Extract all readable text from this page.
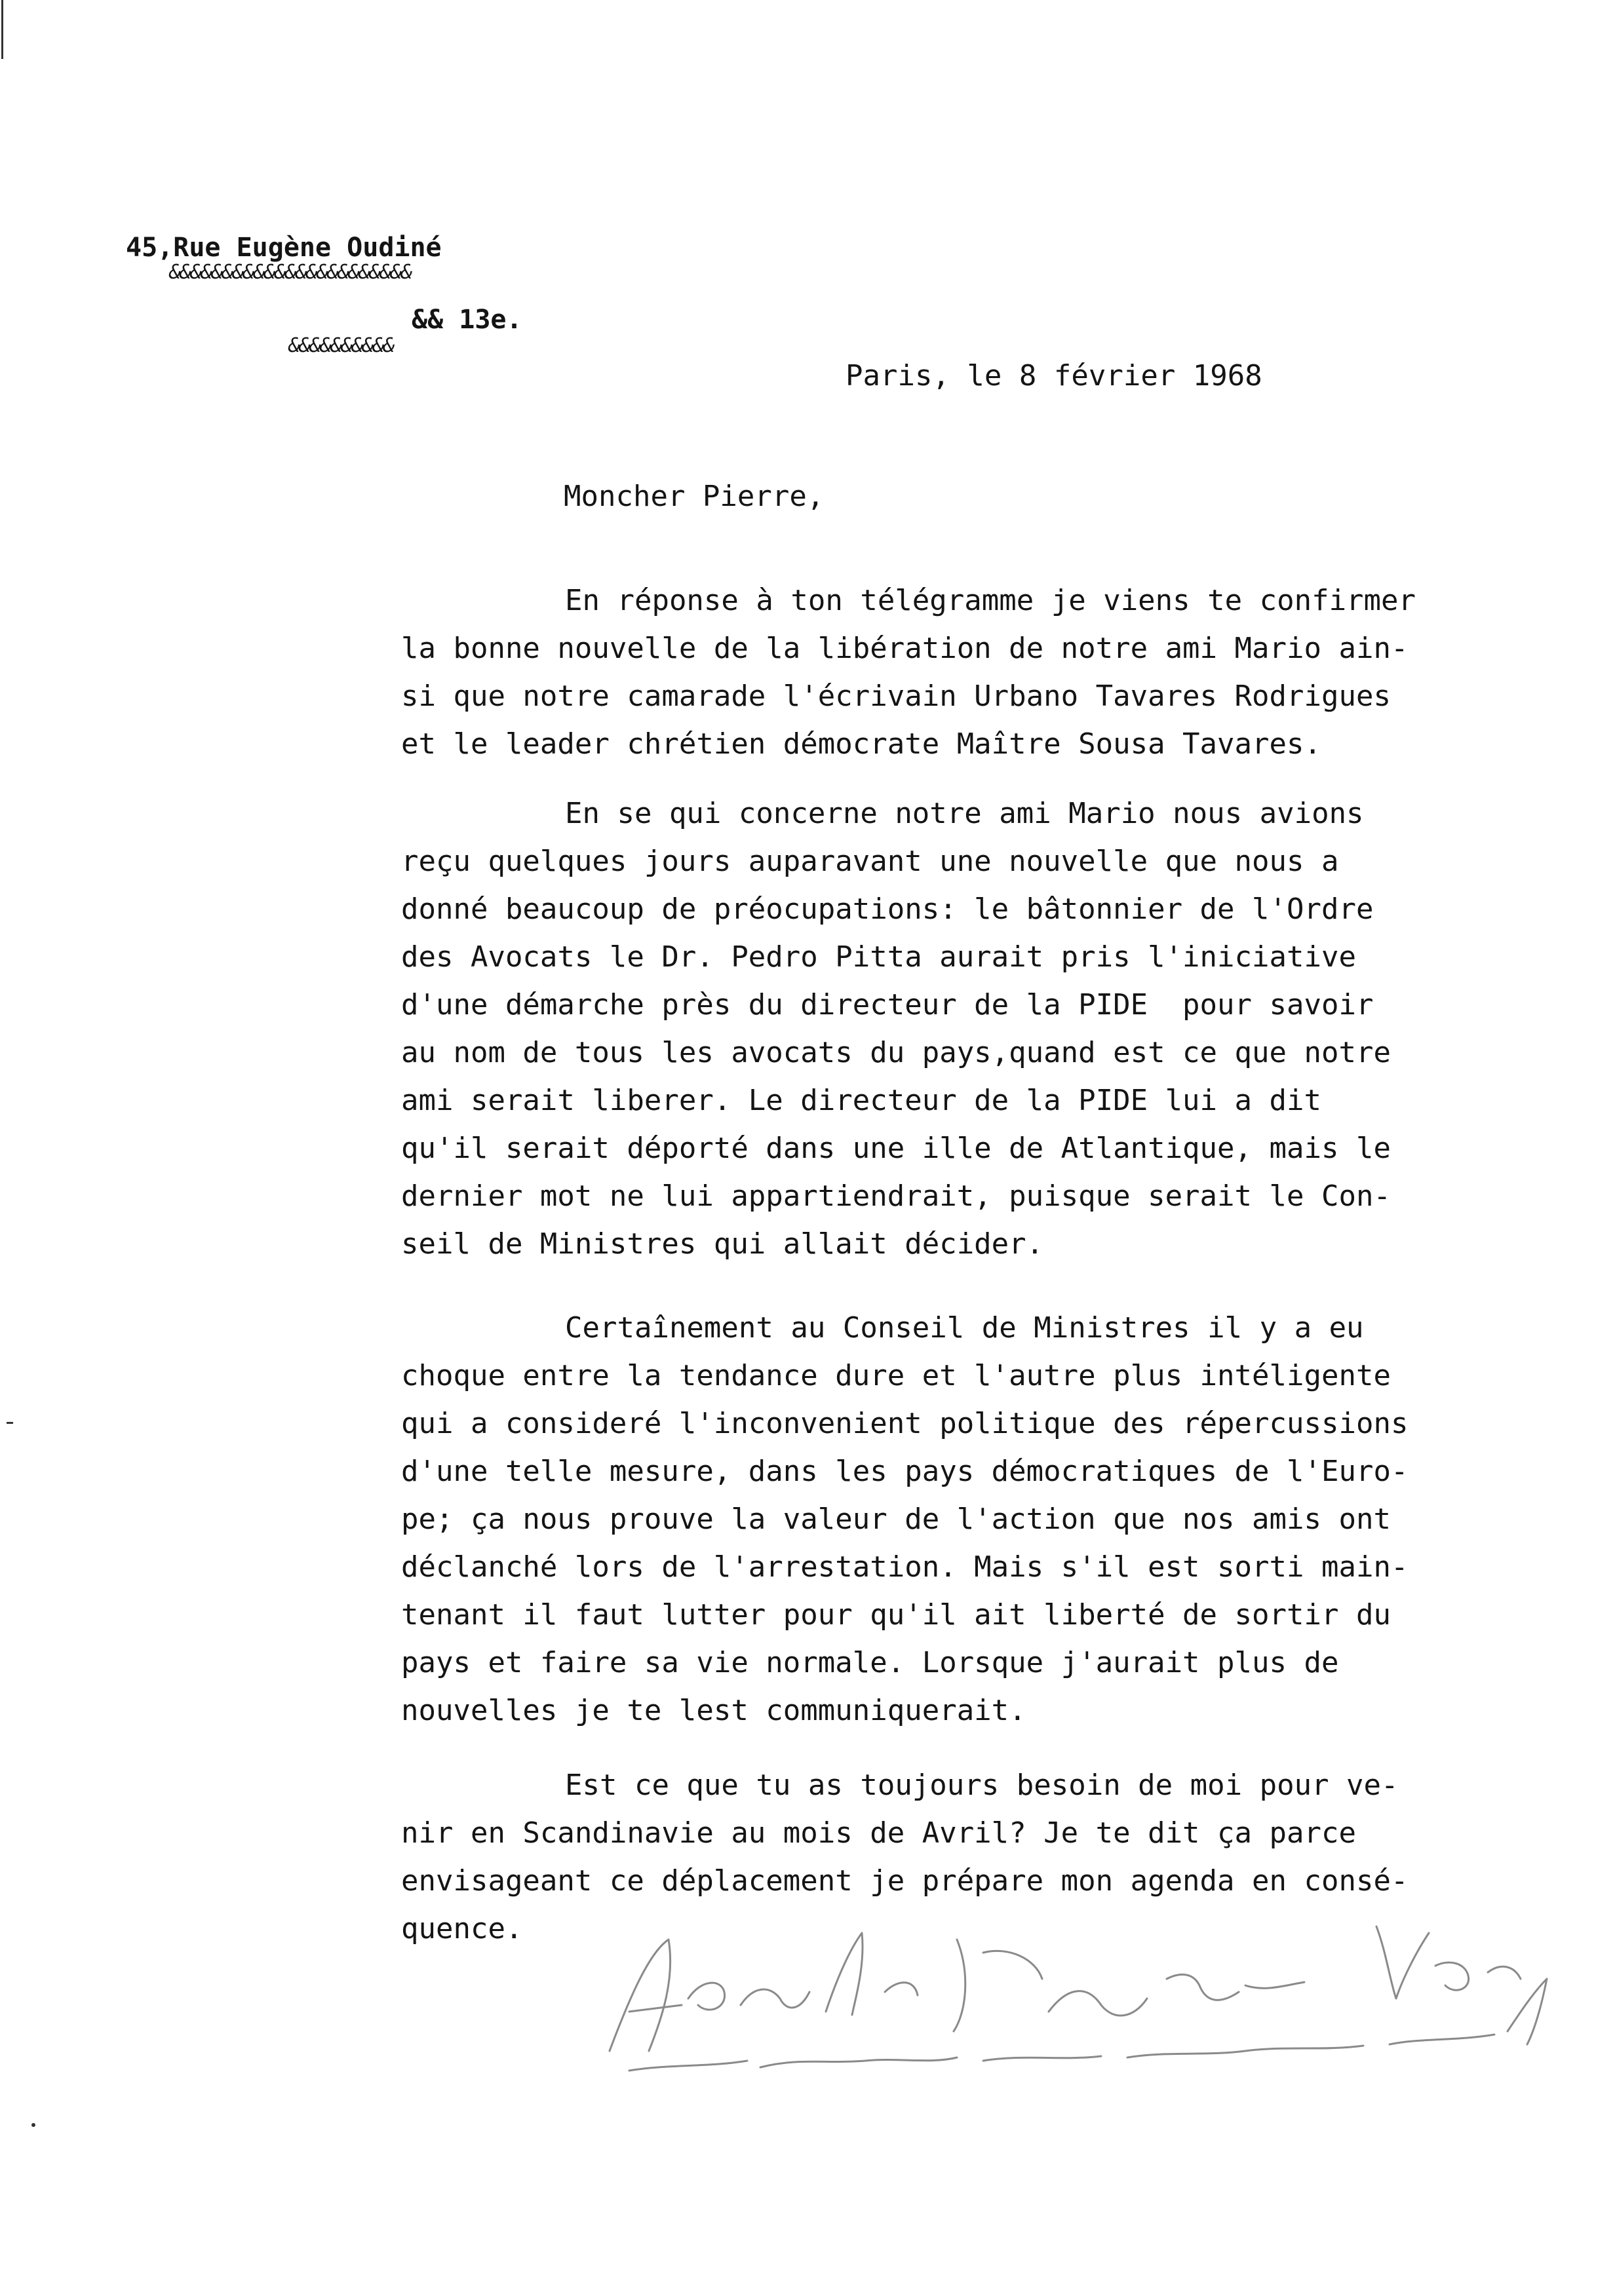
45,Rue Eugène Oudiné
&&&&&&&&&&&&&&&&&&&&&&&
&& 13e.
&&&&&&&&&&
Paris, le 8 février 1968
Moncher Pierre,
En réponse à ton télégramme je viens te confirmer
la bonne nouvelle de la libération de notre ami Mario ain-
si que notre camarade l'écrivain Urbano Tavares Rodrigues
et le leader chrétien démocrate Maître Sousa Tavares.
En se qui concerne notre ami Mario nous avions
reçu quelques jours auparavant une nouvelle que nous a
donné beaucoup de préocupations: le bâtonnier de l'Ordre
des Avocats le Dr. Pedro Pitta aurait pris l'iniciative
d'une démarche près du directeur de la PIDE  pour savoir
au nom de tous les avocats du pays,quand est ce que notre
ami serait liberer. Le directeur de la PIDE lui a dit
qu'il serait déporté dans une ille de Atlantique, mais le
dernier mot ne lui appartiendrait, puisque serait le Con-
seil de Ministres qui allait décider.
Certaînement au Conseil de Ministres il y a eu
choque entre la tendance dure et l'autre plus intéligente
qui a consideré l'inconvenient politique des répercussions
d'une telle mesure, dans les pays démocratiques de l'Euro-
pe; ça nous prouve la valeur de l'action que nos amis ont
déclanché lors de l'arrestation. Mais s'il est sorti main-
tenant il faut lutter pour qu'il ait liberté de sortir du
pays et faire sa vie normale. Lorsque j'aurait plus de
nouvelles je te lest communiquerait.
Est ce que tu as toujours besoin de moi pour ve-
nir en Scandinavie au mois de Avril? Je te dit ça parce
envisageant ce déplacement je prépare mon agenda en consé-
quence.
